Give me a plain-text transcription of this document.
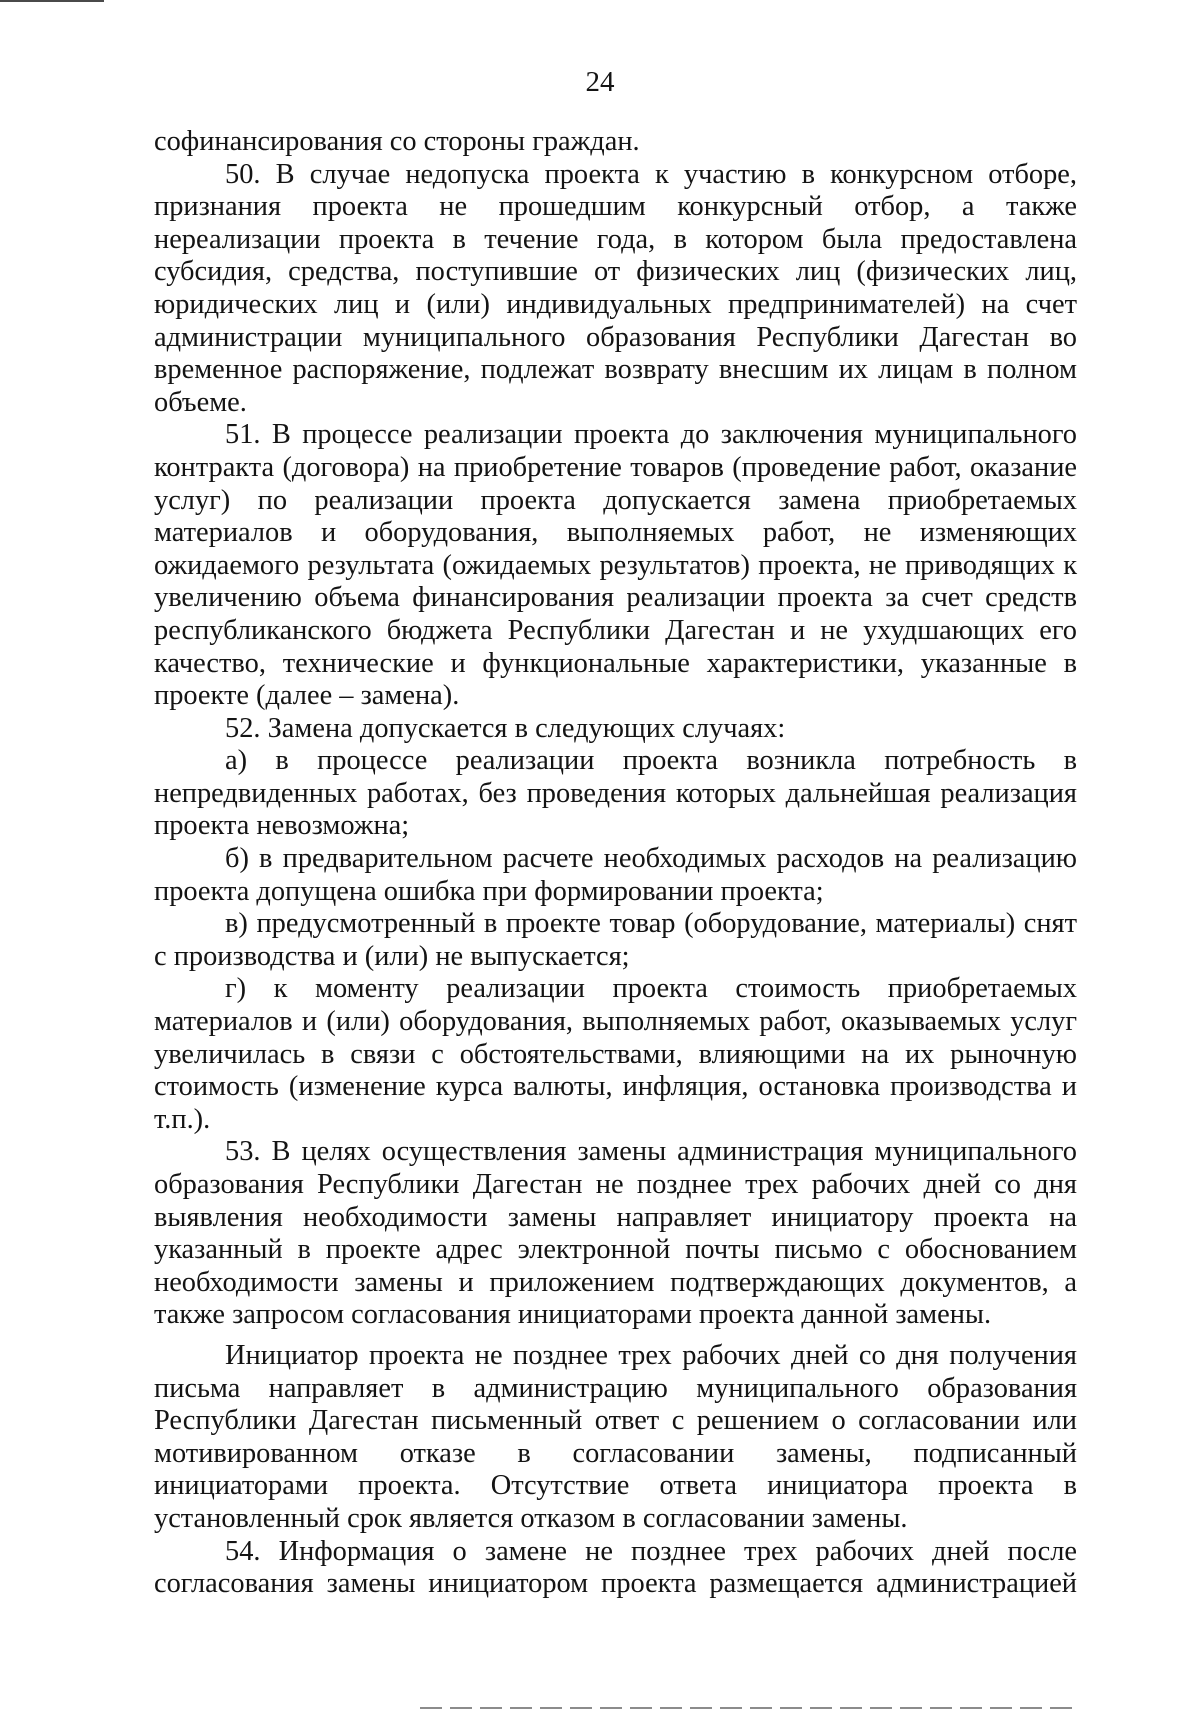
24

софинансирования со стороны граждан.

50. В случае недопуска проекта к участию в конкурсном отборе, признания проекта не прошедшим конкурсный отбор, а также нереализации проекта в течение года, в котором была предоставлена субсидия, средства, поступившие от физических лиц (физических лиц, юридических лиц и (или) индивидуальных предпринимателей) на счет администрации муниципального образования Республики Дагестан во временное распоряжение, подлежат возврату внесшим их лицам в полном объеме.

51. В процессе реализации проекта до заключения муниципального контракта (договора) на приобретение товаров (проведение работ, оказание услуг) по реализации проекта допускается замена приобретаемых материалов и оборудования, выполняемых работ, не изменяющих ожидаемого результата (ожидаемых результатов) проекта, не приводящих к увеличению объема финансирования реализации проекта за счет средств республиканского бюджета Республики Дагестан и не ухудшающих его качество, технические и функциональные характеристики, указанные в проекте (далее – замена).

52. Замена допускается в следующих случаях:

а) в процессе реализации проекта возникла потребность в непредвиденных работах, без проведения которых дальнейшая реализация проекта невозможна;

б) в предварительном расчете необходимых расходов на реализацию проекта допущена ошибка при формировании проекта;

в) предусмотренный в проекте товар (оборудование, материалы) снят с производства и (или) не выпускается;

г) к моменту реализации проекта стоимость приобретаемых материалов и (или) оборудования, выполняемых работ, оказываемых услуг увеличилась в связи с обстоятельствами, влияющими на их рыночную стоимость (изменение курса валюты, инфляция, остановка производства и т.п.).

53. В целях осуществления замены администрация муниципального образования Республики Дагестан не позднее трех рабочих дней со дня выявления необходимости замены направляет инициатору проекта на указанный в проекте адрес электронной почты письмо с обоснованием необходимости замены и приложением подтверждающих документов, а также запросом согласования инициаторами проекта данной замены.

Инициатор проекта не позднее трех рабочих дней со дня получения письма направляет в администрацию муниципального образования Республики Дагестан письменный ответ с решением о согласовании или мотивированном отказе в согласовании замены, подписанный инициаторами проекта. Отсутствие ответа инициатора проекта в установленный срок является отказом в согласовании замены.

54. Информация о замене не позднее трех рабочих дней после согласования замены инициатором проекта размещается администрацией
